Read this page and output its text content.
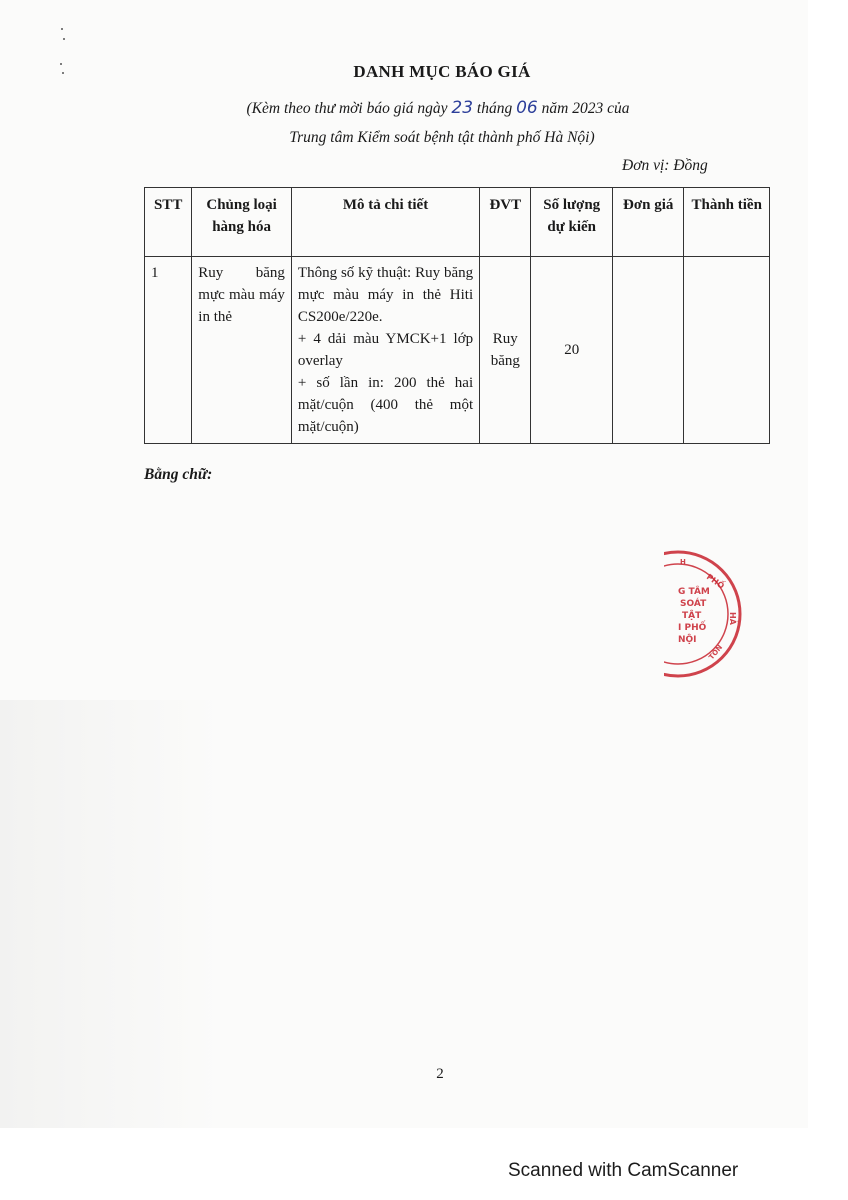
DANH MỤC BÁO GIÁ
(Kèm theo thư mời báo giá ngày 23 tháng 06 năm 2023 của
Trung tâm Kiểm soát bệnh tật thành phố Hà Nội)
Đơn vị: Đồng
STT	Chủng loại hàng hóa	Mô tả chi tiết	ĐVT	Số lượng dự kiến	Đơn giá	Thành tiền
1	Ruy băng mực màu máy in thẻ	Thông số kỹ thuật: Ruy băng mực màu máy in thẻ Hiti CS200e/220e.
+ 4 dải màu YMCK+1 lớp overlay
+ số lần in: 200 thẻ hai mặt/cuộn (400 thẻ một mặt/cuộn)	Ruy băng	20		
Bằng chữ:
H
PHỐ
G TÂM
SOÁT
TẬT
I PHỐ
NỘI
HÀ
TÔN
2
Scanned with CamScanner
